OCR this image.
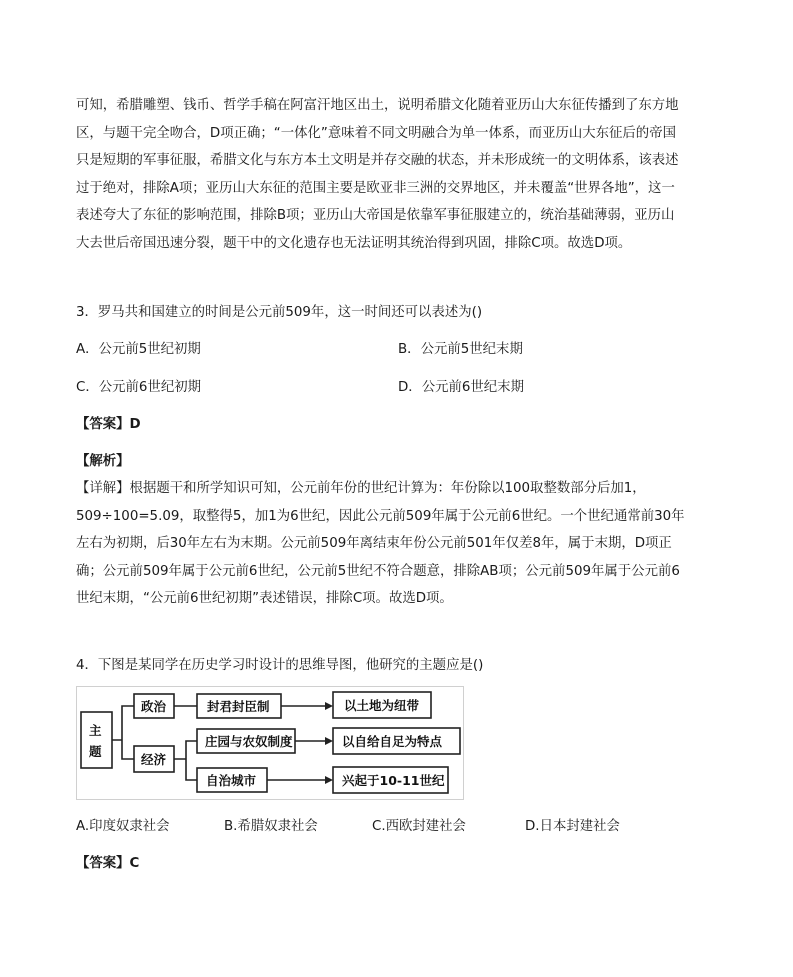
可知，希腊雕塑、钱币、哲学手稿在阿富汗地区出土，说明希腊文化随着亚历山大东征传播到了东方地区，与题干完全吻合，D项正确；“一体化”意味着不同文明融合为单一体系，而亚历山大东征后的帝国只是短期的军事征服，希腊文化与东方本土文明是并存交融的状态，并未形成统一的文明体系，该表述过于绝对，排除A项；亚历山大东征的范围主要是欧亚非三洲的交界地区，并未覆盖“世界各地”，这一表述夸大了东征的影响范围，排除B项；亚历山大帝国是依靠军事征服建立的，统治基础薄弱，亚历山大去世后帝国迅速分裂，题干中的文化遗存也无法证明其统治得到巩固，排除C项。故选D项。
3．罗马共和国建立的时间是公元前509年，这一时间还可以表述为()
A．公元前5世纪初期	B．公元前5世纪末期
C．公元前6世纪初期	D．公元前6世纪末期
【答案】D
【解析】
【详解】根据题干和所学知识可知，公元前年份的世纪计算为：年份除以100取整数部分后加1，509÷100=5.09，取整得5，加1为6世纪，因此公元前509年属于公元前6世纪。一个世纪通常前30年左右为初期，后30年左右为末期。公元前509年离结束年份公元前501年仅差8年，属于末期，D项正确；公元前509年属于公元前6世纪，公元前5世纪不符合题意，排除AB项；公元前509年属于公元前6世纪末期，“公元前6世纪初期”表述错误，排除C项。故选D项。
4．下图是某同学在历史学习时设计的思维导图，他研究的主题应是()
主
题
政治
经济
封君封臣制
庄园与农奴制度
自治城市
以土地为纽带
以自给自足为特点
兴起于10-11世纪
A.印度奴隶社会	B.希腊奴隶社会	C.西欧封建社会	D.日本封建社会
【答案】C
